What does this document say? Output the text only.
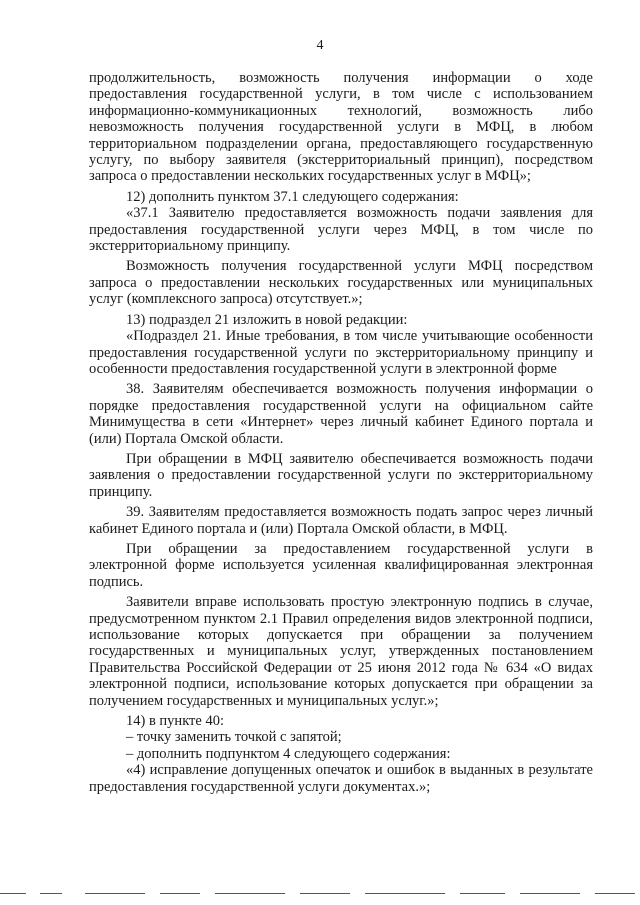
4

продолжительность, возможность получения информации о ходе предоставления государственной услуги, в том числе с использованием информационно-коммуникационных технологий, возможность либо невозможность получения государственной услуги в МФЦ, в любом территориальном подразделении органа, предоставляющего государственную услугу, по выбору заявителя (экстерриториальный принцип), посредством запроса о предоставлении нескольких государственных услуг в МФЦ»;

12) дополнить пунктом 37.1 следующего содержания:

«37.1 Заявителю предоставляется возможность подачи заявления для предоставления государственной услуги через МФЦ, в том числе по экстерриториальному принципу.

Возможность получения государственной услуги МФЦ посредством запроса о предоставлении нескольких государственных или муниципальных услуг (комплексного запроса) отсутствует.»;

13) подраздел 21 изложить в новой редакции:

«Подраздел 21. Иные требования, в том числе учитывающие особенности предоставления государственной услуги по экстерриториальному принципу и особенности предоставления государственной услуги в электронной форме

38. Заявителям обеспечивается возможность получения информации о порядке предоставления государственной услуги на официальном сайте Минимущества в сети «Интернет» через личный кабинет Единого портала и (или) Портала Омской области.

При обращении в МФЦ заявителю обеспечивается возможность подачи заявления о предоставлении государственной услуги по экстерриториальному принципу.

39. Заявителям предоставляется возможность подать запрос через личный кабинет Единого портала и (или) Портала Омской области, в МФЦ.

При обращении за предоставлением государственной услуги в электронной форме используется усиленная квалифицированная электронная подпись.

Заявители вправе использовать простую электронную подпись в случае, предусмотренном пунктом 2.1 Правил определения видов электронной подписи, использование которых допускается при обращении за получением государственных и муниципальных услуг, утвержденных постановлением Правительства Российской Федерации от 25 июня 2012 года № 634 «О видах электронной подписи, использование которых допускается при обращении за получением государственных и муниципальных услуг.»;

14) в пункте 40:

– точку заменить точкой с запятой;

– дополнить подпунктом 4 следующего содержания:

«4) исправление допущенных опечаток и ошибок в выданных в результате предоставления государственной услуги документах.»;
